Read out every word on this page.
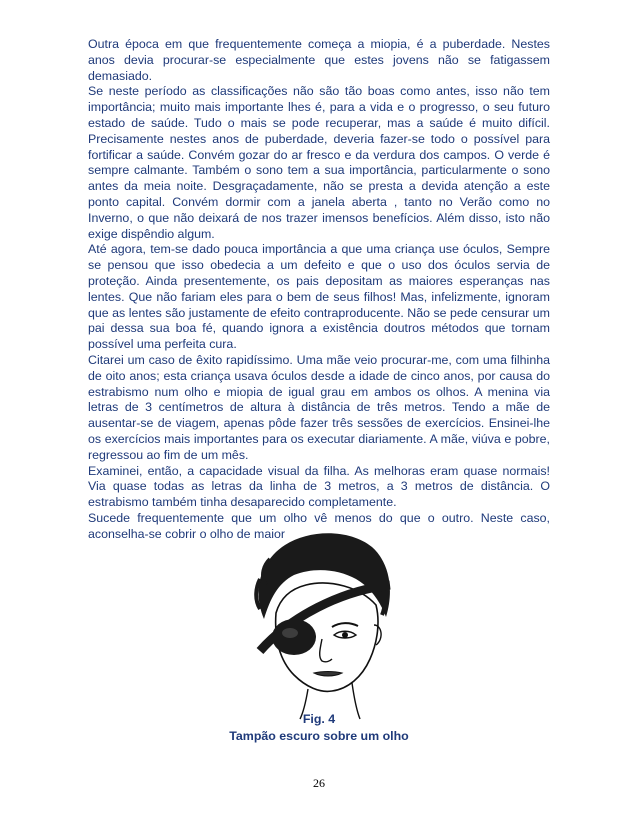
Outra época em que frequentemente começa a miopia, é a puberdade. Nestes anos devia procurar-se especialmente que estes jovens não se fatigassem demasiado.

Se neste período as classificações não são tão boas como antes, isso não tem importância; muito mais importante lhes é, para a vida e o progresso, o seu futuro estado de saúde. Tudo o mais se pode recuperar, mas a saúde é muito difícil. Precisamente nestes anos de puberdade, deveria fazer-se todo o possível para fortificar a saúde. Convém gozar do ar fresco e da verdura dos campos. O verde é sempre calmante. Também o sono tem a sua importância, particularmente o sono antes da meia noite. Desgraçadamente, não se presta a devida atenção a este ponto capital. Convém dormir com a janela aberta , tanto no Verão como no Inverno, o que não deixará de nos trazer imensos benefícios. Além disso, isto não exige dispêndio algum.

Até agora, tem-se dado pouca importância a que uma criança use óculos, Sempre se pensou que isso obedecia a um defeito e que o uso dos óculos servia de proteção. Ainda presentemente, os pais depositam as maiores esperanças nas lentes. Que não fariam eles para o bem de seus filhos! Mas, infelizmente, ignoram que as lentes são justamente de efeito contraproducente. Não se pede censurar um pai dessa sua boa fé, quando ignora a existência doutros métodos que tornam possível uma perfeita cura.

Citarei um caso de êxito rapidíssimo. Uma mãe veio procurar-me, com uma filhinha de oito anos; esta criança usava óculos desde a idade de cinco anos, por causa do estrabismo num olho e miopia de igual grau em ambos os olhos. A menina via letras de 3 centímetros de altura à distância de três metros. Tendo a mãe de ausentar-se de viagem, apenas pôde fazer três sessões de exercícios. Ensinei-lhe os exercícios mais importantes para os executar diariamente. A mãe, viúva e pobre, regressou ao fim de um mês.

Examinei, então, a capacidade visual da filha. As melhoras eram quase normais! Via quase todas as letras da linha de 3 metros, a 3 metros de distância. O estrabismo também tinha desaparecido completamente.

Sucede frequentemente que um olho vê menos do que o outro. Neste caso, aconselha-se cobrir o olho de maior

Fig. 4
Tampão escuro sobre um olho
26
